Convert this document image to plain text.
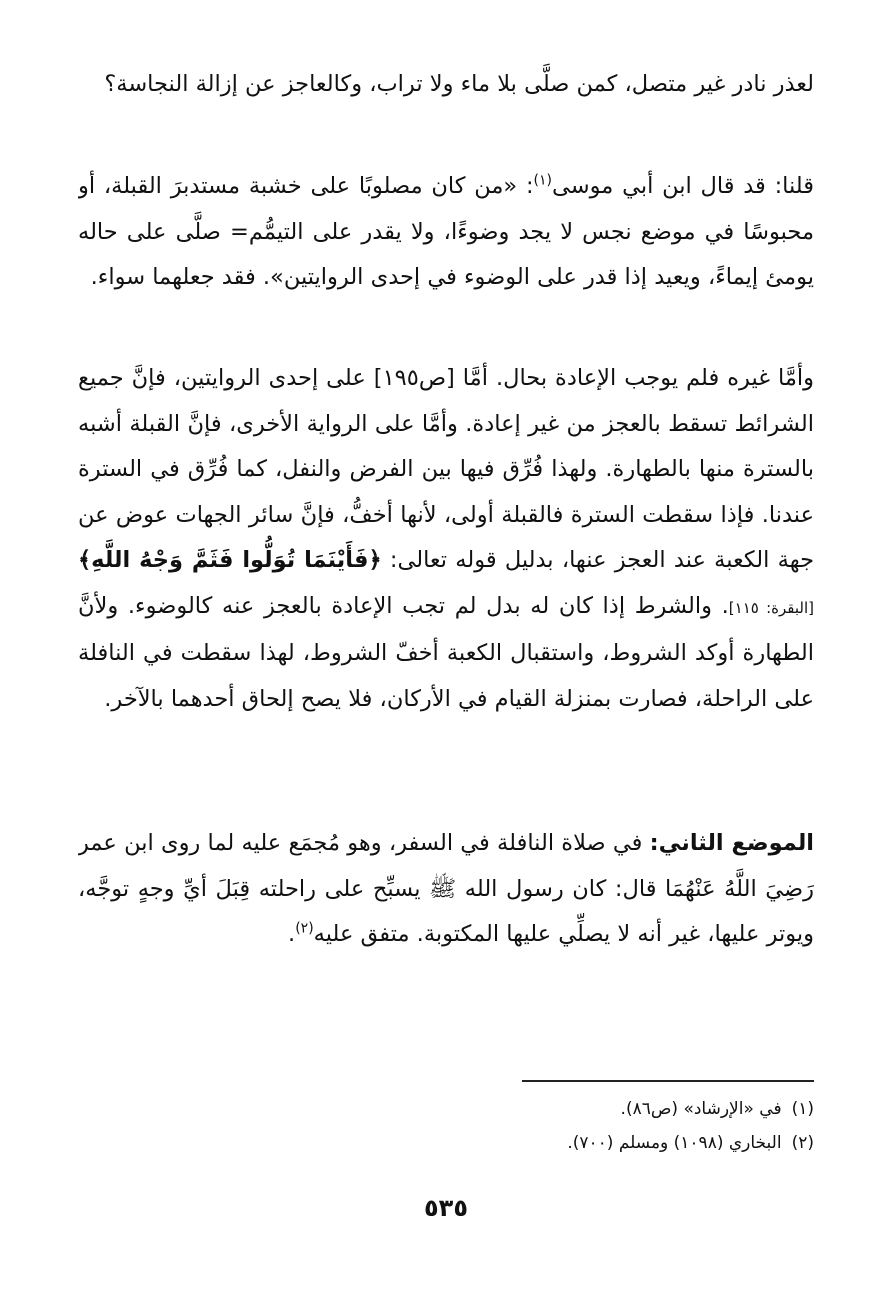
لعذر نادر غير متصل، كمن صلَّى بلا ماء ولا تراب، وكالعاجز عن إزالة النجاسة؟

قلنا: قد قال ابن أبي موسى$^{(١)}$: «من كان مصلوبًا على خشبة مستدبرَ القبلة، أو محبوسًا في موضع نجس لا يجد وضوءًا، ولا يقدر على التيمُّم= صلَّى على حاله يومئ إيماءً، ويعيد إذا قدر على الوضوء في إحدى الروايتين». فقد جعلهما سواء.

وأمَّا غيره فلم يوجب الإعادة بحال. أمَّا [ص١٩٥] على إحدى الروايتين، فإنَّ جميع الشرائط تسقط بالعجز من غير إعادة. وأمَّا على الرواية الأخرى، فإنَّ القبلة أشبه بالسترة منها بالطهارة. ولهذا فُرِّق فيها بين الفرض والنفل، كما فُرِّق في السترة عندنا. فإذا سقطت السترة فالقبلة أولى، لأنها أخفُّ، فإنَّ سائر الجهات عوض عن جهة الكعبة عند العجز عنها، بدليل قوله تعالى: ﴿فَأَيْنَمَا تُوَلُّوا فَثَمَّ وَجْهُ اللَّهِ﴾ [البقرة: ١١٥]. والشرط إذا كان له بدل لم تجب الإعادة بالعجز عنه كالوضوء. ولأنَّ الطهارة أوكد الشروط، واستقبال الكعبة أخفّ الشروط، لهذا سقطت في النافلة على الراحلة، فصارت بمنزلة القيام في الأركان، فلا يصح إلحاق أحدهما بالآخر.

الموضع الثاني: في صلاة النافلة في السفر، وهو مُجمَع عليه لما روى ابن عمر رَضِيَ اللَّهُ عَنْهُمَا قال: كان رسول الله ﷺ يسبِّح على راحلته قِبَلَ أيِّ وجهٍ توجَّه، ويوتر عليها، غير أنه لا يصلِّي عليها المكتوبة. متفق عليه$^{(٢)}$.

(١)في «الإرشاد» (ص٨٦).

(٢)البخاري (١٠٩٨) ومسلم (٧٠٠).

٥٣٥
